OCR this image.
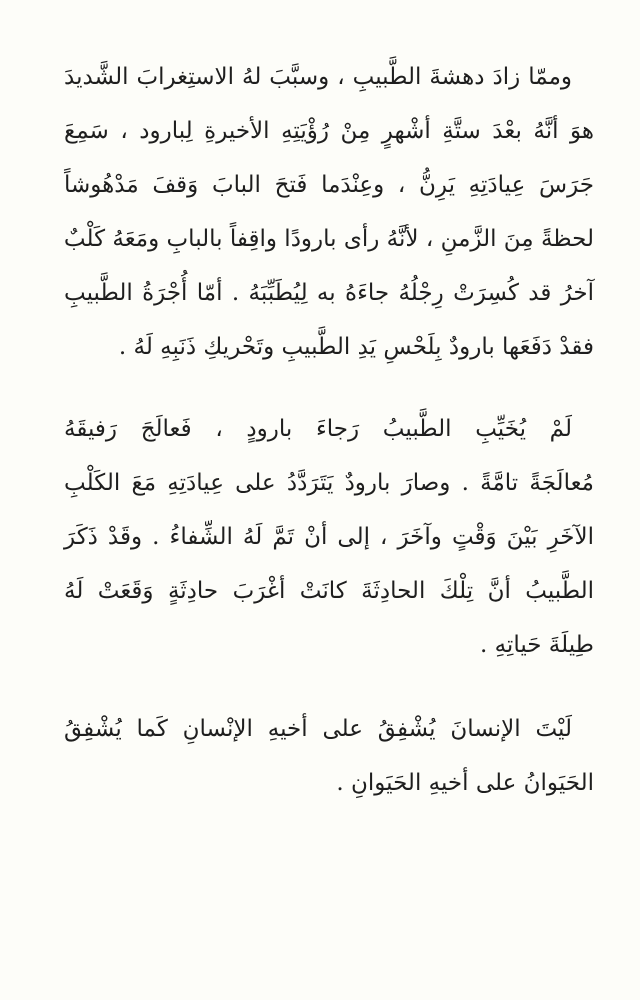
وممّا زادَ دهشةَ الطَّبيبِ ، وسبَّبَ لهُ الاستِغرابَ الشَّديدَ
هوَ أنَّهُ بعْدَ ستَّةِ أشْهرٍ مِنْ رُؤْيَتِهِ الأخيرةِ لِبارود ، سَمِعَ
جَرَسَ عِيادَتِهِ يَرِنُّ ، وعِنْدَما فَتحَ البابَ وَقفَ مَدْهُوشاً
لحظةً مِنَ الزَّمنِ ، لأنَّهُ رأى بارودًا واقِفاً بالبابِ ومَعَهُ كَلْبٌ
آخرُ قد كُسِرَتْ رِجْلُهُ جاءَهُ به لِيُطَبِّبَهُ . أمّا أُجْرَةُ الطَّبيبِ
فقدْ دَفَعَها بارودٌ بِلَحْسِ يَدِ الطَّبيبِ وتَحْريكِ ذَنَبِهِ لَهُ .
لَمْ يُخَيِّبِ الطَّبيبُ رَجاءَ بارودٍ ، فَعالَجَ رَفيقَهُ
مُعالَجَةً تامَّةً . وصارَ بارودٌ يَتَرَدَّدُ على عِيادَتِهِ مَعَ الكَلْبِ
الآخَرِ بَيْنَ وَقْتٍ وآخَرَ ، إلى أنْ تَمَّ لَهُ الشِّفاءُ . وقَدْ ذَكَرَ
الطَّبيبُ أنَّ تِلْكَ الحادِثَةَ كانَتْ أغْرَبَ حادِثَةٍ وَقَعَتْ لَهُ
طِيلَةَ حَياتِهِ .
لَيْتَ الإنسانَ يُشْفِقُ على أخيهِ الإنْسانِ كَما يُشْفِقُ
الحَيَوانُ على أخيهِ الحَيَوانِ .
